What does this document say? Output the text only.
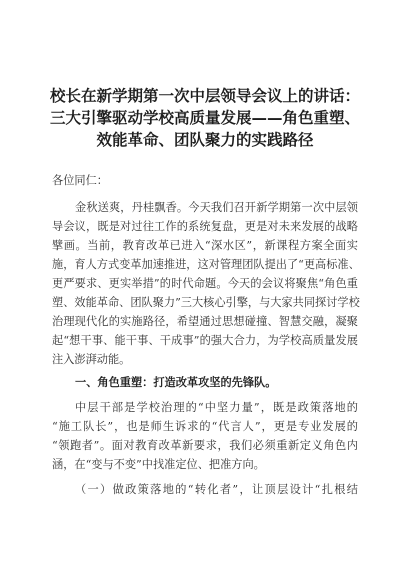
校长在新学期第一次中层领导会议上的讲话：
三大引擎驱动学校高质量发展——角色重塑、
效能革命、团队聚力的实践路径
各位同仁：
金秋送爽，丹桂飘香。今天我们召开新学期第一次中层领
导会议，既是对过往工作的系统复盘，更是对未来发展的战略
擘画。当前，教育改革已进入“深水区”，新课程方案全面实
施，育人方式变革加速推进，这对管理团队提出了“更高标准、
更严要求、更实举措”的时代命题。今天的会议将聚焦“角色重
塑、效能革命、团队聚力”三大核心引擎，与大家共同探讨学校
治理现代化的实施路径，希望通过思想碰撞、智慧交融，凝聚
起“想干事、能干事、干成事”的强大合力，为学校高质量发展
注入澎湃动能。
一、角色重塑：打造改革攻坚的先锋队。
中层干部是学校治理的“中坚力量”，既是政策落地的
“施工队长”，也是师生诉求的“代言人”，更是专业发展的
“领跑者”。面对教育改革新要求，我们必须重新定义角色内
涵，在“变与不变”中找准定位、把准方向。
（一）做政策落地的“转化者”，让顶层设计“扎根结
